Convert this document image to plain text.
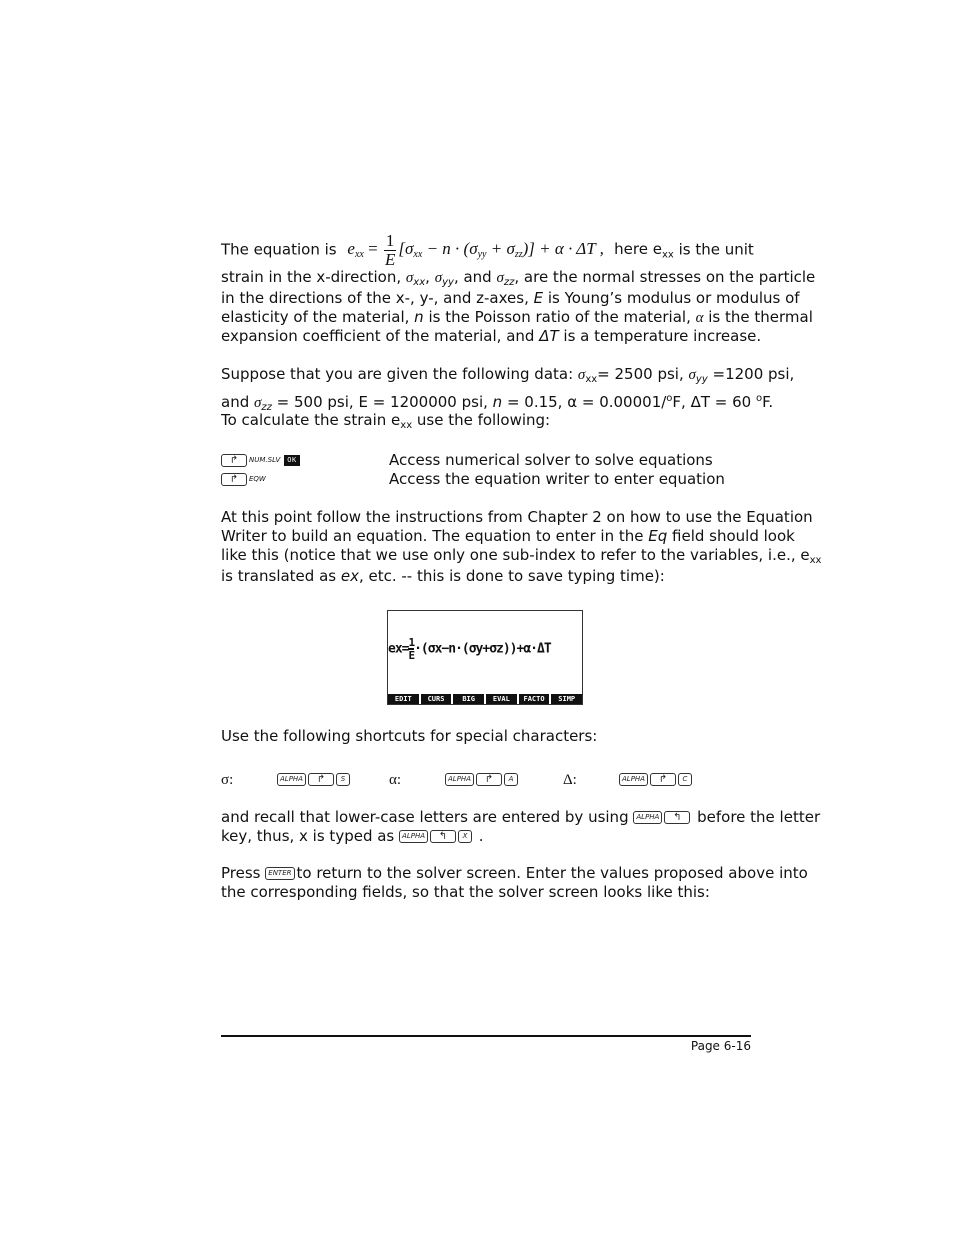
The equation is $e_{xx} = \frac{1}{E} [\sigma_{xx} - n \cdot (\sigma_{yy} + \sigma_{zz})] + \alpha \cdot \Delta T$ , here $e_{xx}$ is the unit
strain in the x-direction, $\sigma_{xx}$, $\sigma_{yy}$, and $\sigma_{zz}$, are the normal stresses on the particle
in the directions of the x-, y-, and z-axes, E is Young’s modulus or modulus of
elasticity of the material, n is the Poisson ratio of the material, α is the thermal
expansion coefficient of the material, and ΔT is a temperature increase.
Suppose that you are given the following data: $\sigma_{xx}= 2500$ psi, $\sigma_{yy} =1200$ psi,
and $\sigma_{zz} = 500$ psi, E = 1200000 psi, n = 0.15, α = 0.00001/$^o$F, ΔT = 60 $^o$F.
To calculate the strain $e_{xx}$ use the following:
↱ NUM.SLV OK	Access numerical solver to solve equations
↱ EQW	Access the equation writer to enter equation
At this point follow the instructions from Chapter 2 on how to use the Equation
Writer to build an equation. The equation to enter in the Eq field should look
like this (notice that we use only one sub-index to refer to the variables, i.e., $e_{xx}$
is translated as ex, etc. -- this is done to save typing time):
$ex= \frac{1}{E} \cdot(\sigma x-n\cdot(\sigma y+\sigma z))+\alpha\cdot\Delta T$
EDIT	CURS	BIG	EVAL	FACTO	SIMP
Use the following shortcuts for special characters:
σ:	ALPHA ↱ S	α:	ALPHA ↱ A	Δ:	ALPHA ↱ C
and recall that lower-case letters are entered by using ALPHA ↰ before the letter
key, thus, x is typed as ALPHA ↰ X .
Press ENTER to return to the solver screen. Enter the values proposed above into
the corresponding fields, so that the solver screen looks like this:
Page 6-16
